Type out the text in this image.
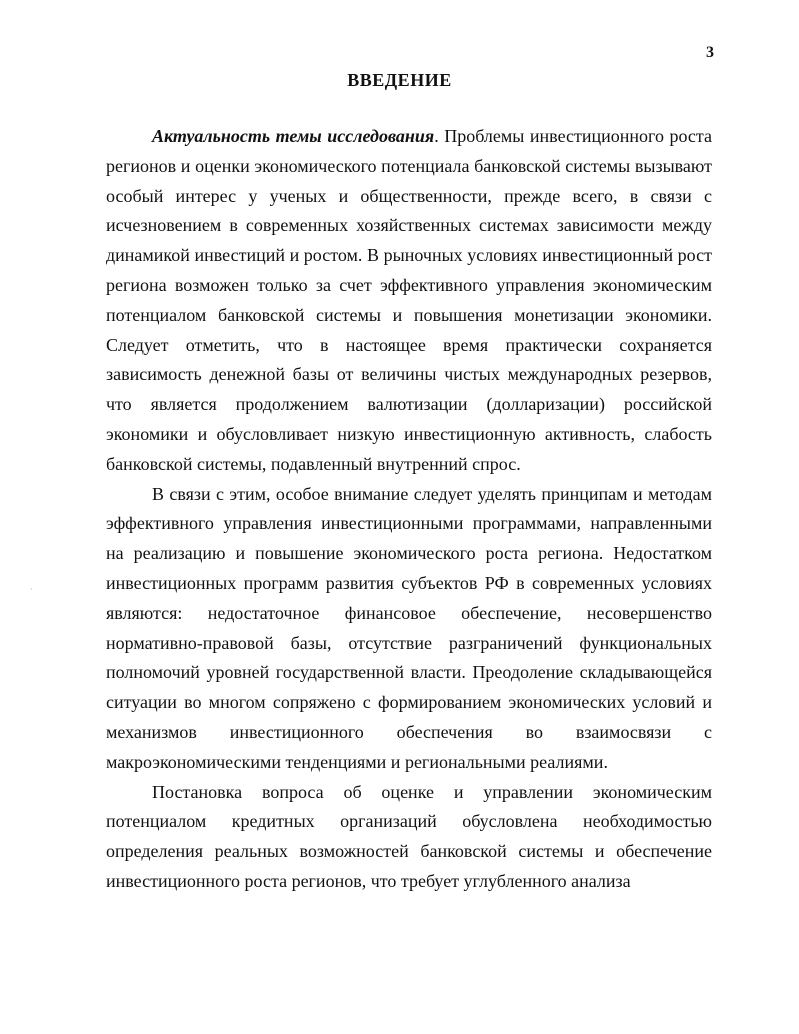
3
ВВЕДЕНИЕ
·

Актуальность темы исследования. Проблемы инвестиционного роста регионов и оценки экономического потенциала банковской системы вызывают особый интерес у ученых и общественности, прежде всего, в связи с исчезновением в современных хозяйственных системах зависимости между динамикой инвестиций и ростом. В рыночных условиях инвестиционный рост региона возможен только за счет эффективного управления экономическим потенциалом банковской системы и повышения монетизации экономики. Следует отметить, что в настоящее время практически сохраняется зависимость денежной базы от величины чистых международных резервов, что является продолжением валютизации (долларизации) российской экономики и обусловливает низкую инвестиционную активность, слабость банковской системы, подавленный внутренний спрос.

В связи с этим, особое внимание следует уделять принципам и методам эффективного управления инвестиционными программами, направленными на реализацию и повышение экономического роста региона. Недостатком инвестиционных программ развития субъектов РФ в современных условиях являются: недостаточное финансовое обеспечение, несовершенство нормативно-правовой базы, отсутствие разграничений функциональных полномочий уровней государственной власти. Преодоление складывающейся ситуации во многом сопряжено с формированием экономических условий и механизмов инвестиционного обеспечения во взаимосвязи с макроэкономическими тенденциями и региональными реалиями.

Постановка вопроса об оценке и управлении экономическим потенциалом кредитных организаций обусловлена необходимостью определения реальных возможностей банковской системы и обеспечение инвестиционного роста регионов, что требует углубленного анализа
